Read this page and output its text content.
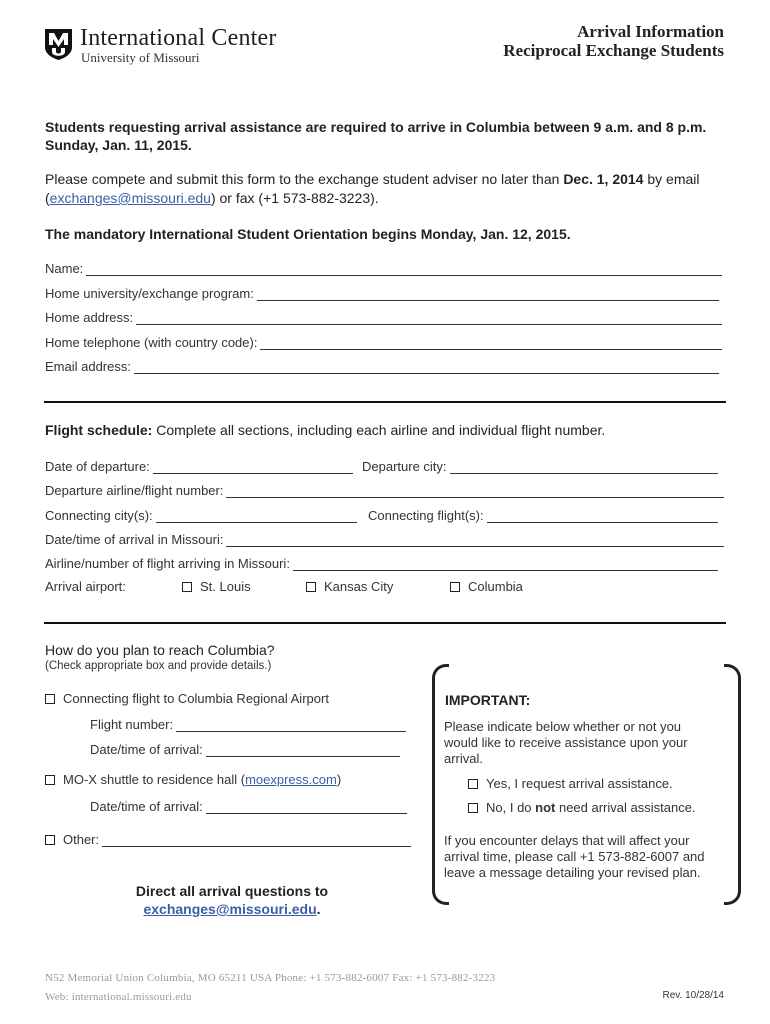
International Center
University of Missouri
Arrival Information
Reciprocal Exchange Students
Students requesting arrival assistance are required to arrive in Columbia between 9 a.m. and 8 p.m. Sunday, Jan. 11, 2015.
Please compete and submit this form to the exchange student adviser no later than Dec. 1, 2014 by email (exchanges@missouri.edu) or fax (+1 573-882-3223).
The mandatory International Student Orientation begins Monday, Jan. 12, 2015.
Name:
Home university/exchange program:
Home address:
Home telephone (with country code):
Email address:
Flight schedule: Complete all sections, including each airline and individual flight number.
Date of departure:	Departure city:
Departure airline/flight number:
Connecting city(s):	Connecting flight(s):
Date/time of arrival in Missouri:
Airline/number of flight arriving in Missouri:
Arrival airport:	St. Louis	Kansas City	Columbia
How do you plan to reach Columbia?
(Check appropriate box and provide details.)
Connecting flight to Columbia Regional Airport
Flight number:
Date/time of arrival:
MO-X shuttle to residence hall (moexpress.com)
Date/time of arrival:
Other:
Direct all arrival questions to
exchanges@missouri.edu.
IMPORTANT:
Please indicate below whether or not you would like to receive assistance upon your arrival.
Yes, I request arrival assistance.
No, I do not need arrival assistance.
If you encounter delays that will affect your arrival time, please call +1 573-882-6007 and leave a message detailing your revised plan.
N52 Memorial Union Columbia, MO 65211 USA Phone: +1 573-882-6007 Fax: +1 573-882-3223
Web: international.missouri.edu	Rev. 10/28/14
